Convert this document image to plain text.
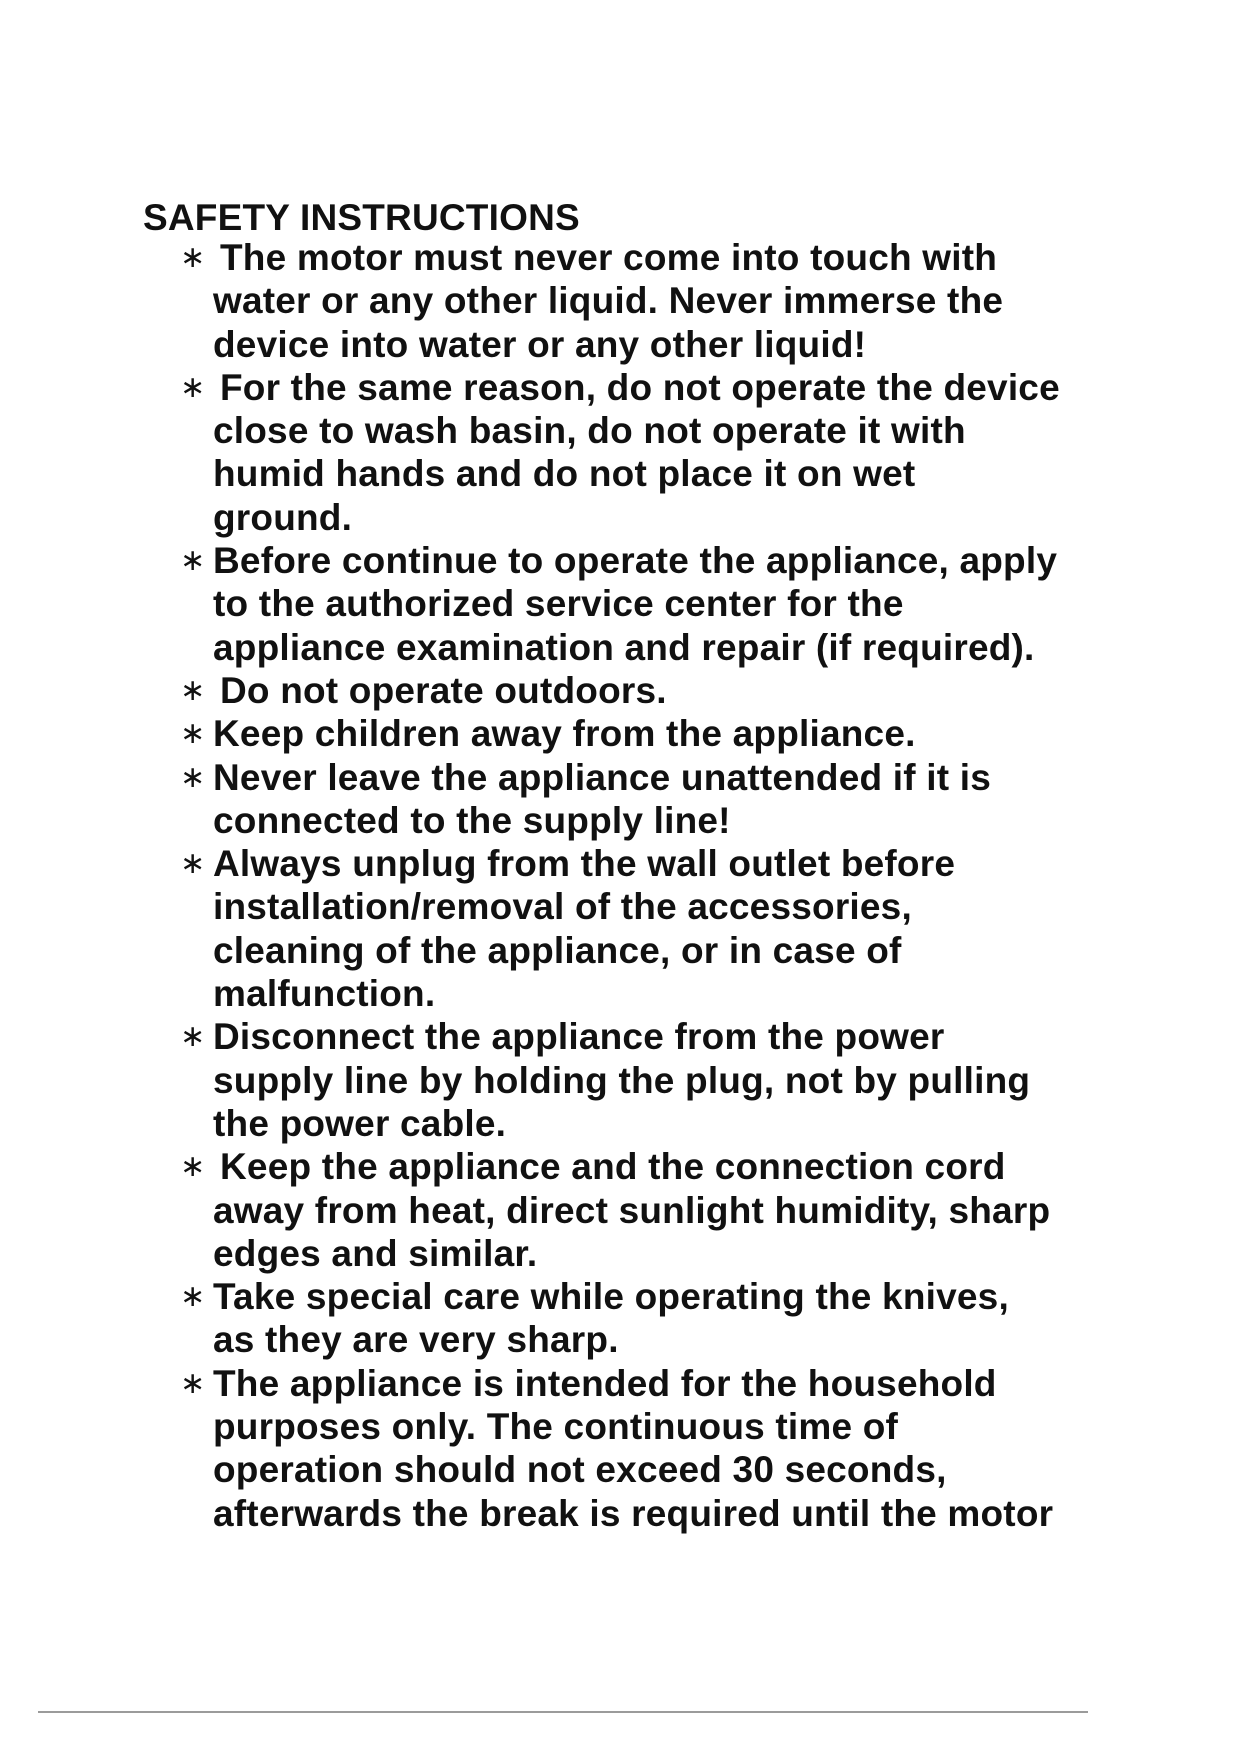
SAFETY INSTRUCTIONS
∗ The motor must never come into touch with
water or any other liquid. Never immerse the
device into water or any other liquid!
∗ For the same reason, do not operate the device
close to wash basin, do not operate it with
humid hands and do not place it on wet
ground.
∗ Before continue to operate the appliance, apply
to the authorized service center for the
appliance examination and repair (if required).
∗ Do not operate outdoors.
∗ Keep children away from the appliance.
∗ Never leave the appliance unattended if it is
connected to the supply line!
∗ Always unplug from the wall outlet before
installation/removal of the accessories,
cleaning of the appliance, or in case of
malfunction.
∗ Disconnect the appliance from the power
supply line by holding the plug, not by pulling
the power cable.
∗ Keep the appliance and the connection cord
away from heat, direct sunlight humidity, sharp
edges and similar.
∗ Take special care while operating the knives,
as they are very sharp.
∗ The appliance is intended for the household
purposes only. The continuous time of
operation should not exceed 30 seconds,
afterwards the break is required until the motor
